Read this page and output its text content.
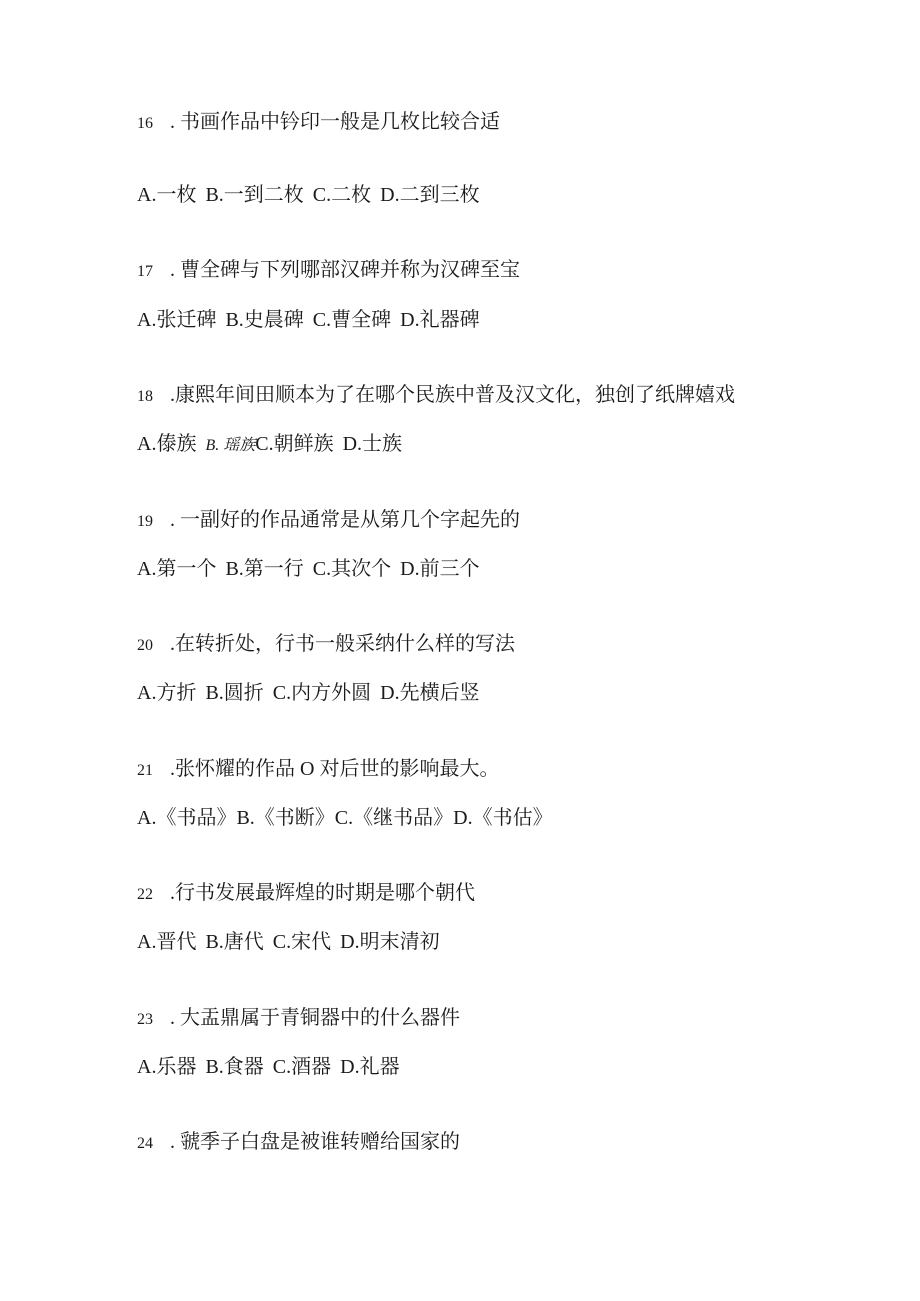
16 . 书画作品中钤印一般是几枚比较合适
A.一枚 B.一到二枚 C.二枚 D.二到三枚
17 . 曹全碑与下列哪部汉碑并称为汉碑至宝
A.张迁碑 B.史晨碑 C.曹全碑 D.礼器碑
18 .康熙年间田顺本为了在哪个民族中普及汉文化，独创了纸牌嬉戏
A.傣族 B. 瑶族C.朝鲜族 D.士族
19 . 一副好的作品通常是从第几个字起先的
A.第一个 B.第一行 C.其次个 D.前三个
20 .在转折处，行书一般采纳什么样的写法
A.方折 B.圆折 C.内方外圆 D.先横后竖
21 .张怀耀的作品 O 对后世的影响最大。
A.《书品》B.《书断》C.《继书品》D.《书估》
22 .行书发展最辉煌的时期是哪个朝代
A.晋代 B.唐代 C.宋代 D.明末清初
23 . 大盂鼎属于青铜器中的什么器件
A.乐器 B.食器 C.酒器 D.礼器
24 . 虢季子白盘是被谁转赠给国家的
